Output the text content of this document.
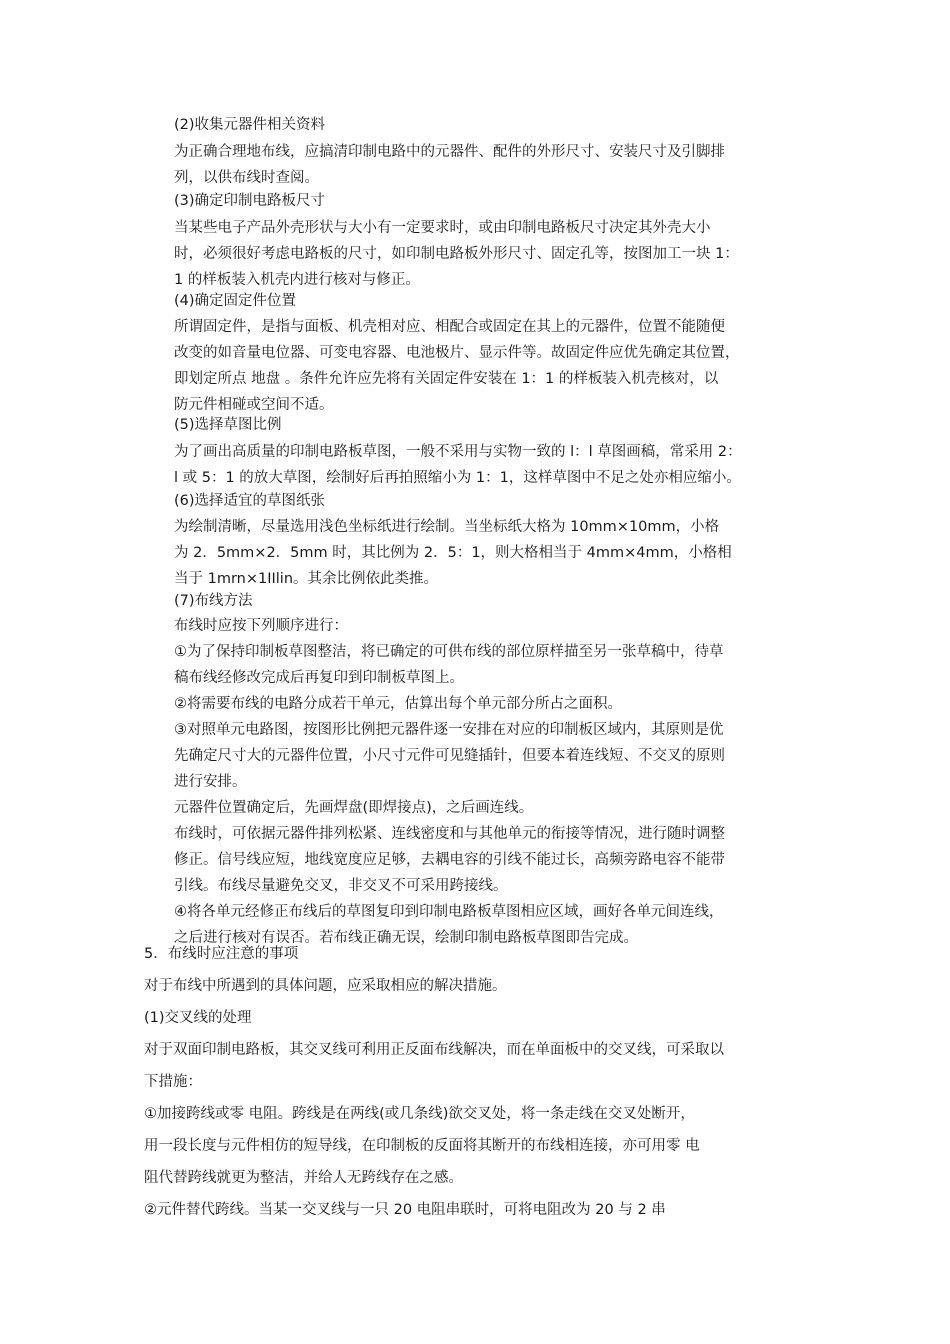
(2)收集元器件相关资料
为正确合理地布线，应搞清印制电路中的元器件、配件的外形尺寸、安装尺寸及引脚排
列，以供布线时查阅。
(3)确定印制电路板尺寸
当某些电子产品外壳形状与大小有一定要求时，或由印制电路板尺寸决定其外壳大小
时，必须很好考虑电路板的尺寸，如印制电路板外形尺寸、固定孔等，按图加工一块 1：
1 的样板装入机壳内进行核对与修正。
(4)确定固定件位置
所谓固定件，是指与面板、机壳相对应、相配合或固定在其上的元器件，位置不能随便
改变的如音量电位器、可变电容器、电池极片、显示件等。故固定件应优先确定其位置，
即划定所点 地盘 。条件允许应先将有关固定件安装在 1：1 的样板装入机壳核对，以
防元件相碰或空间不适。
(5)选择草图比例
为了画出高质量的印制电路板草图，一般不采用与实物一致的 l：l 草图画稿，常采用 2：
l 或 5：1 的放大草图，绘制好后再拍照缩小为 1：1，这样草图中不足之处亦相应缩小。
(6)选择适宜的草图纸张
为绘制清晰，尽量选用浅色坐标纸进行绘制。当坐标纸大格为 10mm×10mm，小格
为 2．5mm×2．5mm 时，其比例为 2．5：1，则大格相当于 4mm×4mm，小格相
当于 1mrn×1IIlin。其余比例依此类推。
(7)布线方法
布线时应按下列顺序进行：
①为了保持印制板草图整洁，将已确定的可供布线的部位原样描至另一张草稿中，待草
稿布线经修改完成后再复印到印制板草图上。
②将需要布线的电路分成若干单元，估算出每个单元部分所占之面积。
③对照单元电路图，按图形比例把元器件逐一安排在对应的印制板区域内，其原则是优
先确定尺寸大的元器件位置，小尺寸元件可见缝插针，但要本着连线短、不交叉的原则
进行安排。
元器件位置确定后，先画焊盘(即焊接点)，之后画连线。
布线时，可依据元器件排列松紧、连线密度和与其他单元的衔接等情况，进行随时调整
修正。信号线应短，地线宽度应足够，去耦电容的引线不能过长，高频旁路电容不能带
引线。布线尽量避免交叉，非交叉不可采用跨接线。
④将各单元经修正布线后的草图复印到印制电路板草图相应区域，画好各单元间连线，
之后进行核对有误否。若布线正确无误，绘制印制电路板草图即告完成。
5．布线时应注意的事项
对于布线中所遇到的具体问题，应采取相应的解决措施。
(1)交叉线的处理
对于双面印制电路板，其交叉线可利用正反面布线解决，而在单面板中的交叉线，可采取以
下措施：
①加接跨线或零 电阻。跨线是在两线(或几条线)欲交叉处，将一条走线在交叉处断开，
用一段长度与元件相仿的短导线，在印制板的反面将其断开的布线相连接，亦可用零 电
阻代替跨线就更为整洁，并给人无跨线存在之感。
②元件替代跨线。当某一交叉线与一只 20 电阻串联时，可将电阻改为 20 与 2 串
